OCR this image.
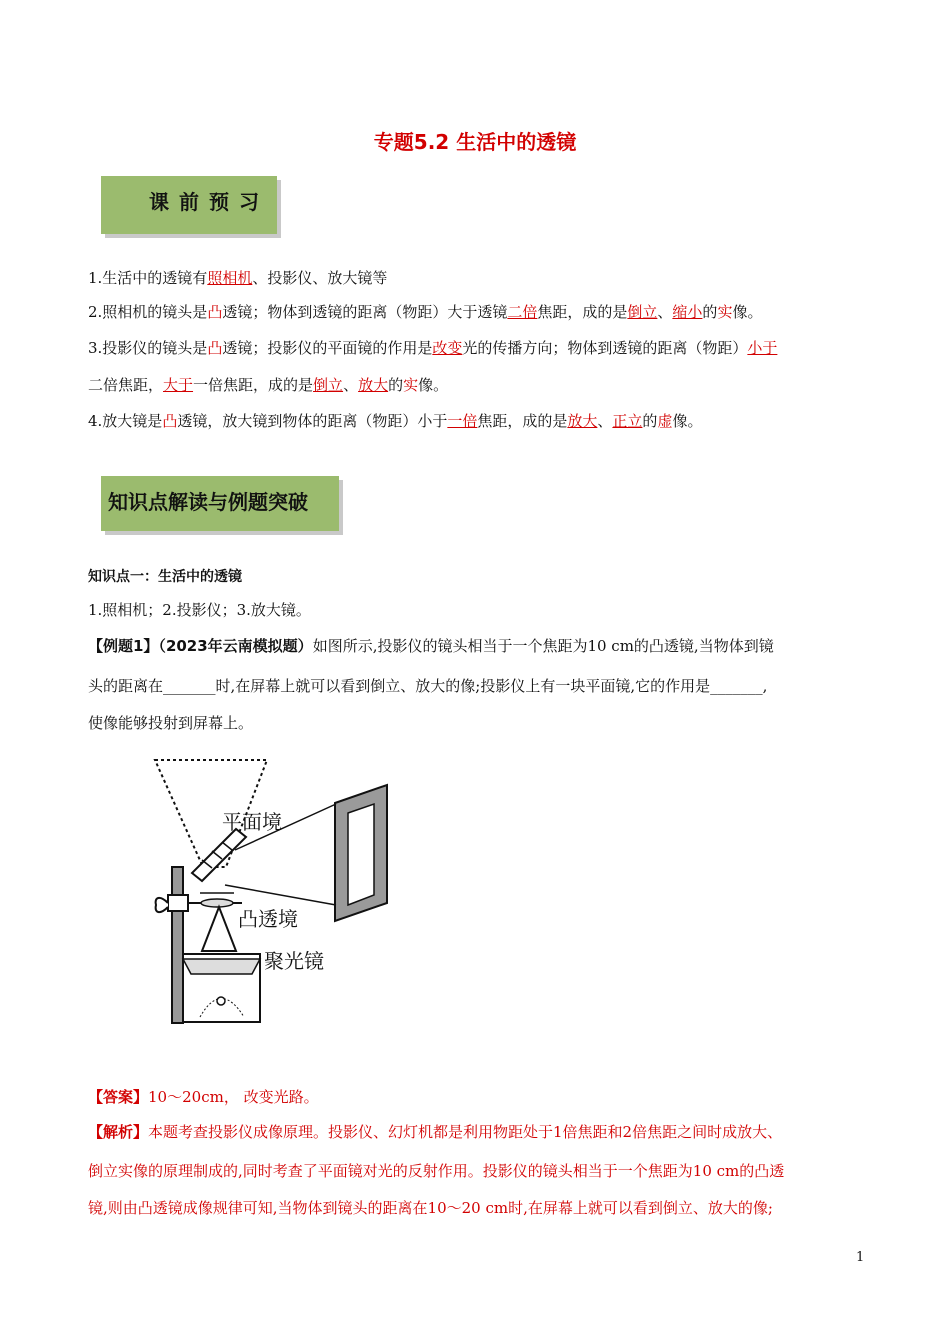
专题5.2 生活中的透镜
课前预习
1.生活中的透镜有照相机、投影仪、放大镜等
2.照相机的镜头是凸透镜；物体到透镜的距离（物距）大于透镜二倍焦距，成的是倒立、缩小的实像。
3.投影仪的镜头是凸透镜；投影仪的平面镜的作用是改变光的传播方向；物体到透镜的距离（物距）小于
二倍焦距，大于一倍焦距，成的是倒立、放大的实像。
4.放大镜是凸透镜，放大镜到物体的距离（物距）小于一倍焦距，成的是放大、正立的虚像。
知识点解读与例题突破
知识点一：生活中的透镜
1.照相机；2.投影仪；3.放大镜。
【例题1】（2023年云南模拟题）如图所示,投影仪的镜头相当于一个焦距为10 cm的凸透镜,当物体到镜
头的距离在_______时,在屏幕上就可以看到倒立、放大的像;投影仪上有一块平面镜,它的作用是_______,
使像能够投射到屏幕上。
平面境
凸透境
聚光镜
【答案】10～20cm， 改变光路。
【解析】本题考查投影仪成像原理。投影仪、幻灯机都是利用物距处于1倍焦距和2倍焦距之间时成放大、
倒立实像的原理制成的,同时考查了平面镜对光的反射作用。投影仪的镜头相当于一个焦距为10 cm的凸透
镜,则由凸透镜成像规律可知,当物体到镜头的距离在10～20 cm时,在屏幕上就可以看到倒立、放大的像;
1
